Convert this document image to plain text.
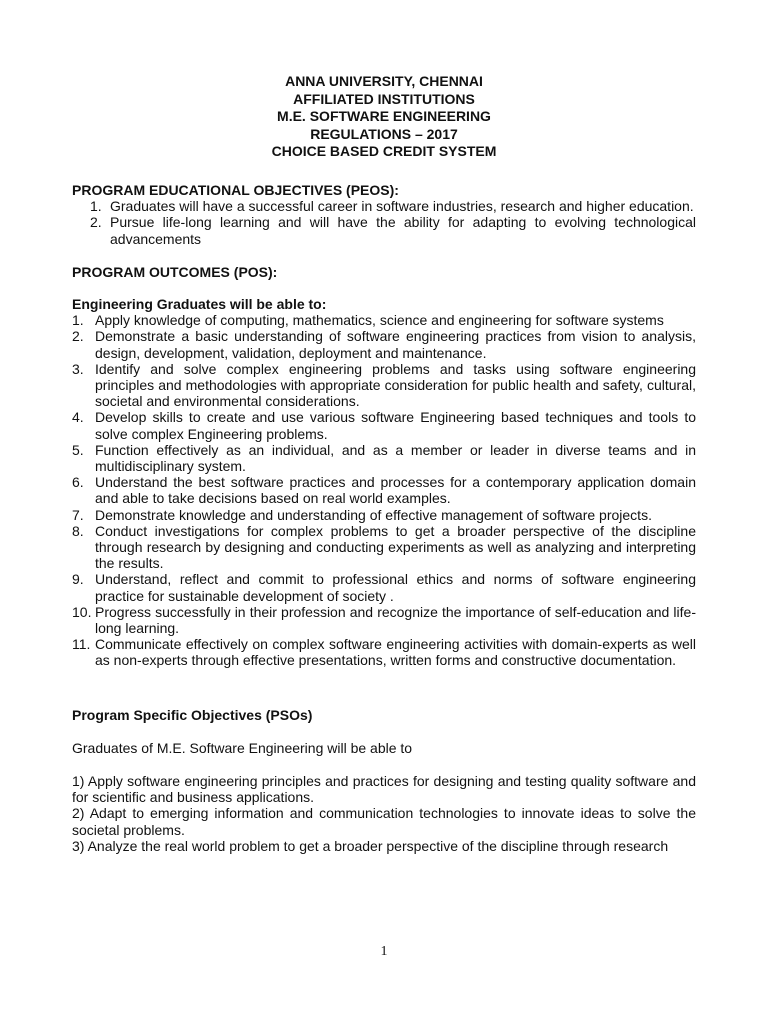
ANNA UNIVERSITY, CHENNAI
AFFILIATED INSTITUTIONS
M.E. SOFTWARE ENGINEERING
REGULATIONS – 2017
CHOICE BASED CREDIT SYSTEM

PROGRAM EDUCATIONAL OBJECTIVES (PEOS):

1. Graduates will have a successful career in software industries, research and higher education.
2. Pursue life-long learning and will have the ability for adapting to evolving technological advancements

PROGRAM OUTCOMES (POS):

Engineering Graduates will be able to:

1. Apply knowledge of computing, mathematics, science and engineering for software systems
2. Demonstrate a basic understanding of software engineering practices from vision to analysis, design, development, validation, deployment and maintenance.
3. Identify and solve complex engineering problems and tasks using software engineering principles and methodologies with appropriate consideration for public health and safety, cultural, societal and environmental considerations.
4. Develop skills to create and use various software Engineering based techniques and tools to solve complex Engineering problems.
5. Function effectively as an individual, and as a member or leader in diverse teams and in multidisciplinary system.
6. Understand the best software practices and processes for a contemporary application domain and able to take decisions based on real world examples.
7. Demonstrate knowledge and understanding of effective management of software projects.
8. Conduct investigations for complex problems to get a broader perspective of the discipline through research by designing and conducting experiments as well as analyzing and interpreting the results.
9. Understand, reflect and commit to professional ethics and norms of software engineering practice for sustainable development of society .
10. Progress successfully in their profession and recognize the importance of self-education and life-long learning.
11. Communicate effectively on complex software engineering activities with domain-experts as well as non-experts through effective presentations, written forms and constructive documentation.

Program Specific Objectives (PSOs)

Graduates of M.E. Software Engineering will be able to

1) Apply software engineering principles and practices for designing and testing quality software and for scientific and business applications.

2) Adapt to emerging information and communication technologies to innovate ideas to solve the societal problems.

3) Analyze the real world problem to get a broader perspective of the discipline through research

1
